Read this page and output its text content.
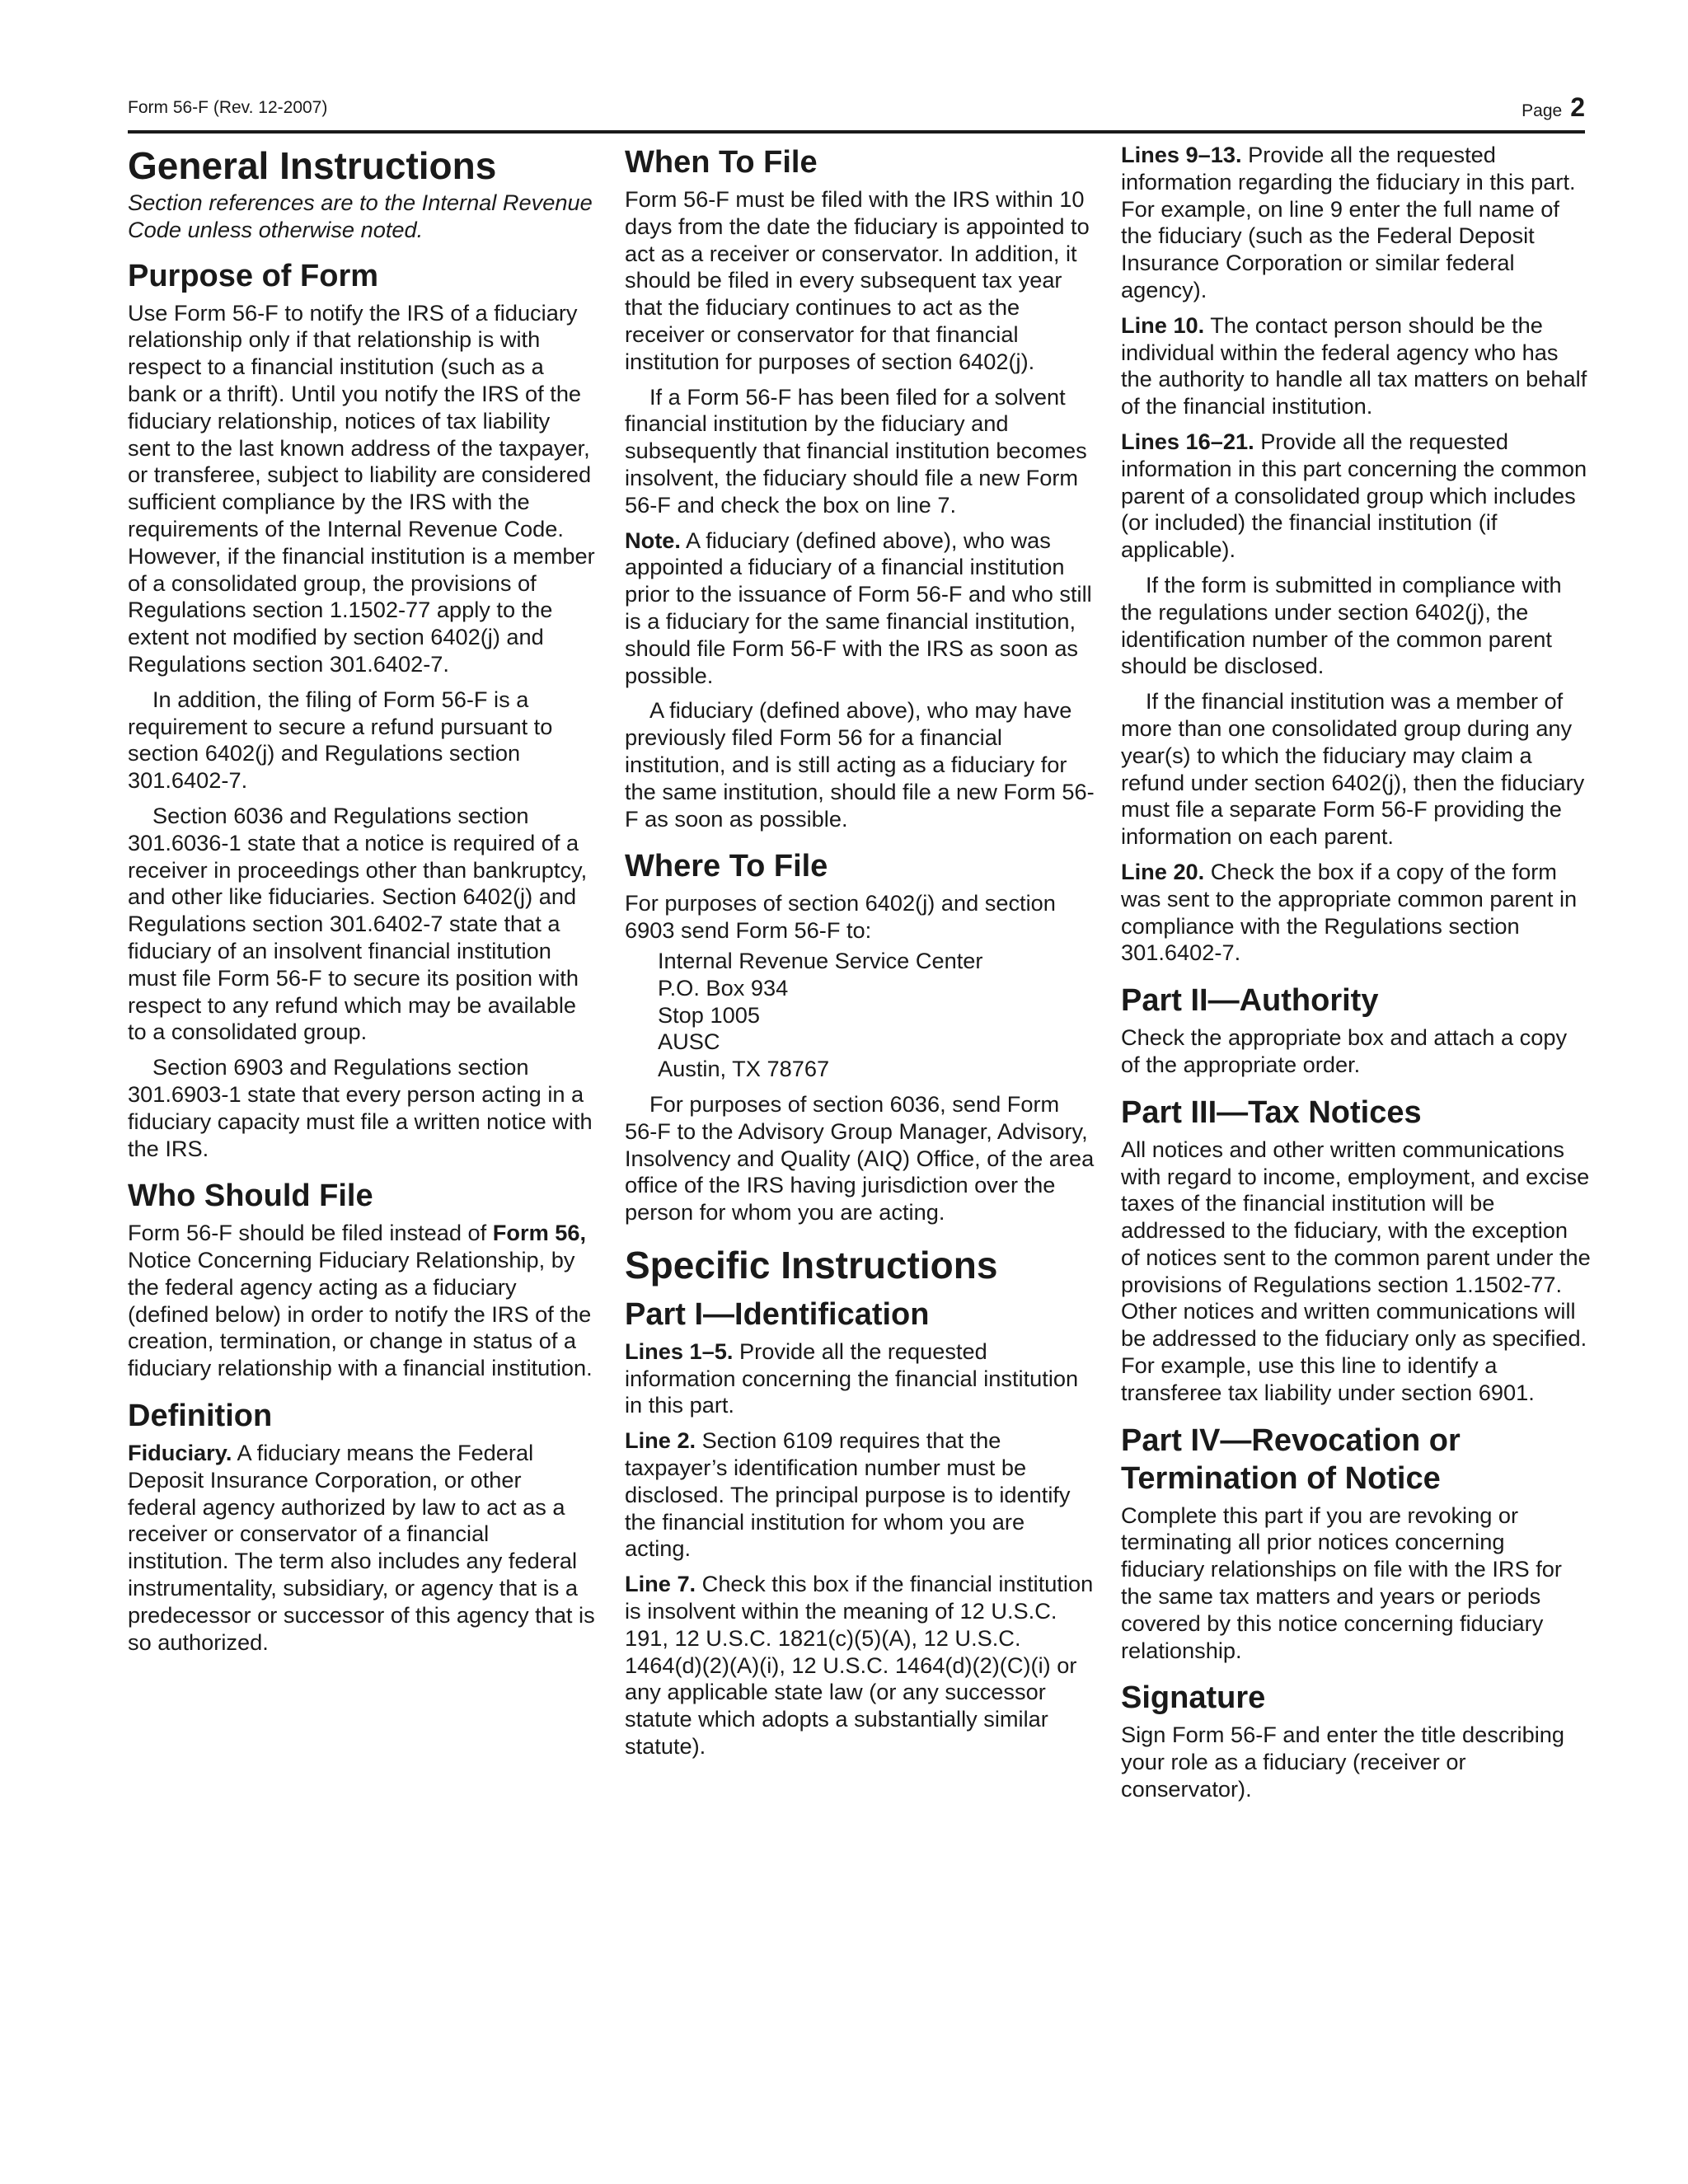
Form 56-F (Rev. 12-2007)	Page 2
General Instructions

Section references are to the Internal Revenue Code unless otherwise noted.

Purpose of Form

Use Form 56-F to notify the IRS of a fiduciary relationship only if that relationship is with respect to a financial institution (such as a bank or a thrift). Until you notify the IRS of the fiduciary relationship, notices of tax liability sent to the last known address of the taxpayer, or transferee, subject to liability are considered sufficient compliance by the IRS with the requirements of the Internal Revenue Code. However, if the financial institution is a member of a consolidated group, the provisions of Regulations section 1.1502-77 apply to the extent not modified by section 6402(j) and Regulations section 301.6402-7.

In addition, the filing of Form 56-F is a requirement to secure a refund pursuant to section 6402(j) and Regulations section 301.6402-7.

Section 6036 and Regulations section 301.6036-1 state that a notice is required of a receiver in proceedings other than bankruptcy, and other like fiduciaries. Section 6402(j) and Regulations section 301.6402-7 state that a fiduciary of an insolvent financial institution must file Form 56-F to secure its position with respect to any refund which may be available to a consolidated group.

Section 6903 and Regulations section 301.6903-1 state that every person acting in a fiduciary capacity must file a written notice with the IRS.

Who Should File

Form 56-F should be filed instead of Form 56, Notice Concerning Fiduciary Relationship, by the federal agency acting as a fiduciary (defined below) in order to notify the IRS of the creation, termination, or change in status of a fiduciary relationship with a financial institution.

Definition

Fiduciary. A fiduciary means the Federal Deposit Insurance Corporation, or other federal agency authorized by law to act as a receiver or conservator of a financial institution. The term also includes any federal instrumentality, subsidiary, or agency that is a predecessor or successor of this agency that is so authorized.

When To File

Form 56-F must be filed with the IRS within 10 days from the date the fiduciary is appointed to act as a receiver or conservator. In addition, it should be filed in every subsequent tax year that the fiduciary continues to act as the receiver or conservator for that financial institution for purposes of section 6402(j).

If a Form 56-F has been filed for a solvent financial institution by the fiduciary and subsequently that financial institution becomes insolvent, the fiduciary should file a new Form 56-F and check the box on line 7.

Note. A fiduciary (defined above), who was appointed a fiduciary of a financial institution prior to the issuance of Form 56-F and who still is a fiduciary for the same financial institution, should file Form 56-F with the IRS as soon as possible.

A fiduciary (defined above), who may have previously filed Form 56 for a financial institution, and is still acting as a fiduciary for the same institution, should file a new Form 56-F as soon as possible.

Where To File

For purposes of section 6402(j) and section 6903 send Form 56-F to:

Internal Revenue Service Center
P.O. Box 934
Stop 1005
AUSC
Austin, TX 78767

For purposes of section 6036, send Form 56-F to the Advisory Group Manager, Advisory, Insolvency and Quality (AIQ) Office, of the area office of the IRS having jurisdiction over the person for whom you are acting.

Specific Instructions
Part I—Identification

Lines 1–5. Provide all the requested information concerning the financial institution in this part.

Line 2. Section 6109 requires that the taxpayer’s identification number must be disclosed. The principal purpose is to identify the financial institution for whom you are acting.

Line 7. Check this box if the financial institution is insolvent within the meaning of 12 U.S.C. 191, 12 U.S.C. 1821(c)(5)(A), 12 U.S.C. 1464(d)(2)(A)(i), 12 U.S.C. 1464(d)(2)(C)(i) or any applicable state law (or any successor statute which adopts a substantially similar statute).

Lines 9–13. Provide all the requested information regarding the fiduciary in this part. For example, on line 9 enter the full name of the fiduciary (such as the Federal Deposit Insurance Corporation or similar federal agency).

Line 10. The contact person should be the individual within the federal agency who has the authority to handle all tax matters on behalf of the financial institution.

Lines 16–21. Provide all the requested information in this part concerning the common parent of a consolidated group which includes (or included) the financial institution (if applicable).

If the form is submitted in compliance with the regulations under section 6402(j), the identification number of the common parent should be disclosed.

If the financial institution was a member of more than one consolidated group during any year(s) to which the fiduciary may claim a refund under section 6402(j), then the fiduciary must file a separate Form 56-F providing the information on each parent.

Line 20. Check the box if a copy of the form was sent to the appropriate common parent in compliance with the Regulations section 301.6402-7.

Part II—Authority

Check the appropriate box and attach a copy of the appropriate order.

Part III—Tax Notices

All notices and other written communications with regard to income, employment, and excise taxes of the financial institution will be addressed to the fiduciary, with the exception of notices sent to the common parent under the provisions of Regulations section 1.1502-77. Other notices and written communications will be addressed to the fiduciary only as specified. For example, use this line to identify a transferee tax liability under section 6901.

Part IV—Revocation or Termination of Notice

Complete this part if you are revoking or terminating all prior notices concerning fiduciary relationships on file with the IRS for the same tax matters and years or periods covered by this notice concerning fiduciary relationship.

Signature

Sign Form 56-F and enter the title describing your role as a fiduciary (receiver or conservator).
